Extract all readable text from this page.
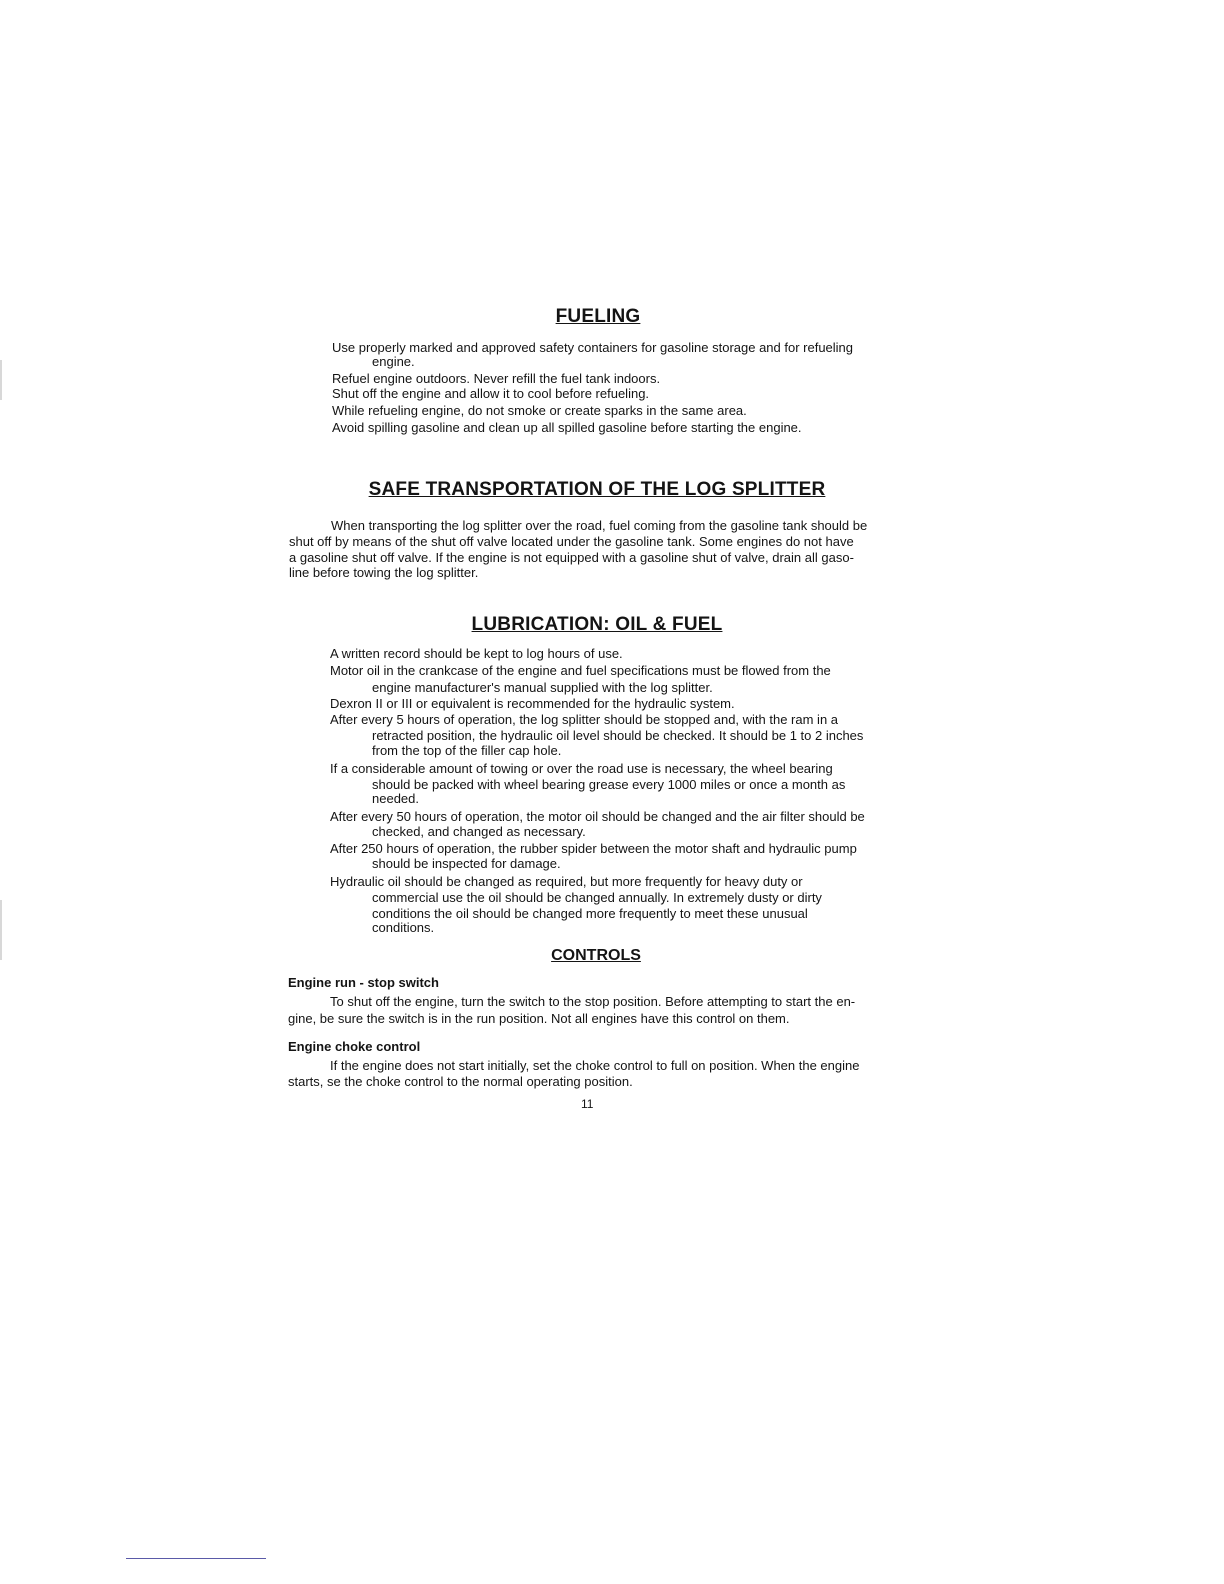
FUELING
Use properly marked and approved safety containers for gasoline storage and for refueling
engine.
Refuel engine outdoors. Never refill the fuel tank indoors.
Shut off the engine and allow it to cool before refueling.
While refueling engine, do not smoke or create sparks in the same area.
Avoid spilling gasoline and clean up all spilled gasoline before starting the engine.
SAFE TRANSPORTATION OF THE LOG SPLITTER
When transporting the log splitter over the road, fuel coming from the gasoline tank should be
shut off by means of the shut off valve located under the gasoline tank. Some engines do not have
a gasoline shut off valve. If the engine is not equipped with a gasoline shut of valve, drain all gaso-
line before towing the log splitter.
LUBRICATION: OIL & FUEL
A written record should be kept to log hours of use.
Motor oil in the crankcase of the engine and fuel specifications must be flowed from the
engine manufacturer's manual supplied with the log splitter.
Dexron II or III or equivalent is recommended for the hydraulic system.
After every 5 hours of operation, the log splitter should be stopped and, with the ram in a
retracted position, the hydraulic oil level should be checked. It should be 1 to 2 inches
from the top of the filler cap hole.
If a considerable amount of towing or over the road use is necessary, the wheel bearing
should be packed with wheel bearing grease every 1000 miles or once a month as
needed.
After every 50 hours of operation, the motor oil should be changed and the air filter should be
checked, and changed as necessary.
After 250 hours of operation, the rubber spider between the motor shaft and hydraulic pump
should be inspected for damage.
Hydraulic oil should be changed as required, but more frequently for heavy duty or
commercial use the oil should be changed annually. In extremely dusty or dirty
conditions the oil should be changed more frequently to meet these unusual
conditions.
CONTROLS
Engine run - stop switch
To shut off the engine, turn the switch to the stop position. Before attempting to start the en-
gine, be sure the switch is in the run position. Not all engines have this control on them.
Engine choke control
If the engine does not start initially, set the choke control to full on position. When the engine
starts, se the choke control to the normal operating position.
11
